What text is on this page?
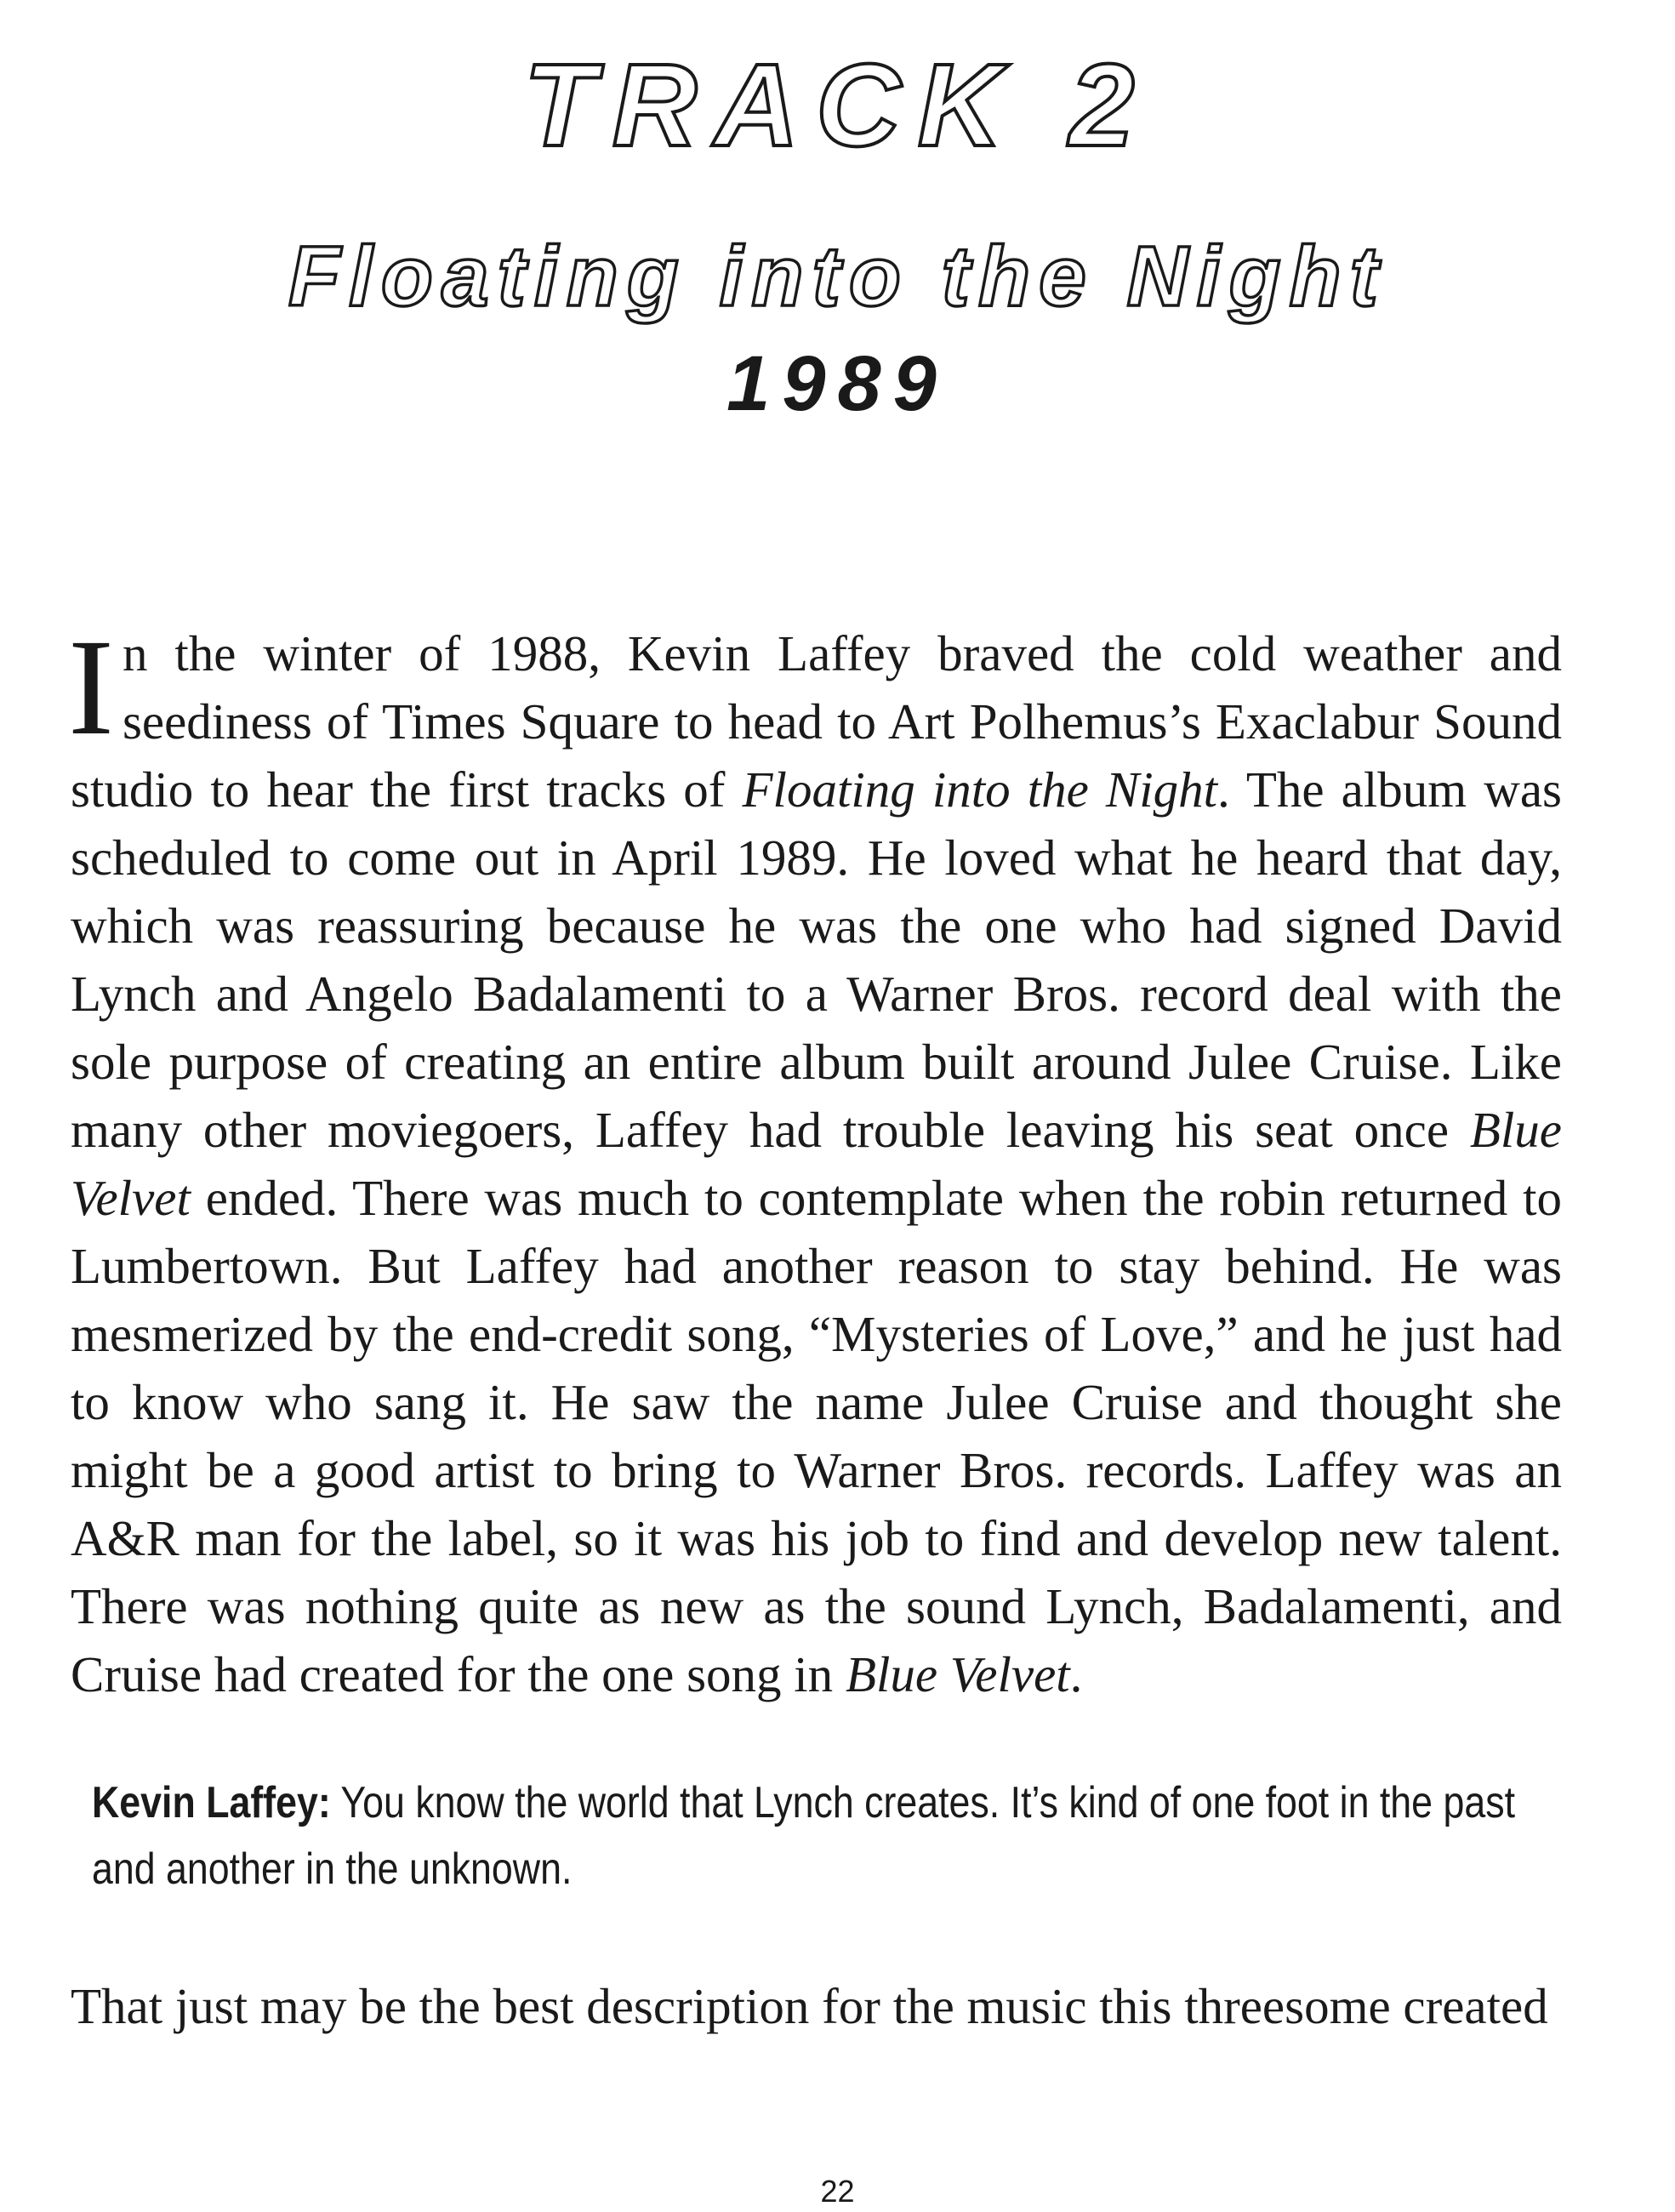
TRACK 2
Floating into the Night
1989

In the winter of 1988, Kevin Laffey braved the cold weather and seediness of Times Square to head to Art Polhemus’s Exaclabur Sound studio to hear the first tracks of Floating into the Night. The album was scheduled to come out in April 1989. He loved what he heard that day, which was reassuring because he was the one who had signed David Lynch and Angelo Badalamenti to a Warner Bros. record deal with the sole purpose of creating an entire album built around Julee Cruise. Like many other moviegoers, Laffey had trouble leaving his seat once Blue Velvet ended. There was much to contemplate when the robin returned to Lumbertown. But Laffey had another reason to stay behind. He was mesmerized by the end-credit song, “Mysteries of Love,” and he just had to know who sang it. He saw the name Julee Cruise and thought she might be a good artist to bring to Warner Bros. records. Laffey was an A&R man for the label, so it was his job to find and develop new talent. There was nothing quite as new as the sound Lynch, Badalamenti, and Cruise had created for the one song in Blue Velvet.

Kevin Laffey: You know the world that Lynch creates. It’s kind of one foot in the past and another in the unknown.

That just may be the best description for the music this threesome created

22
